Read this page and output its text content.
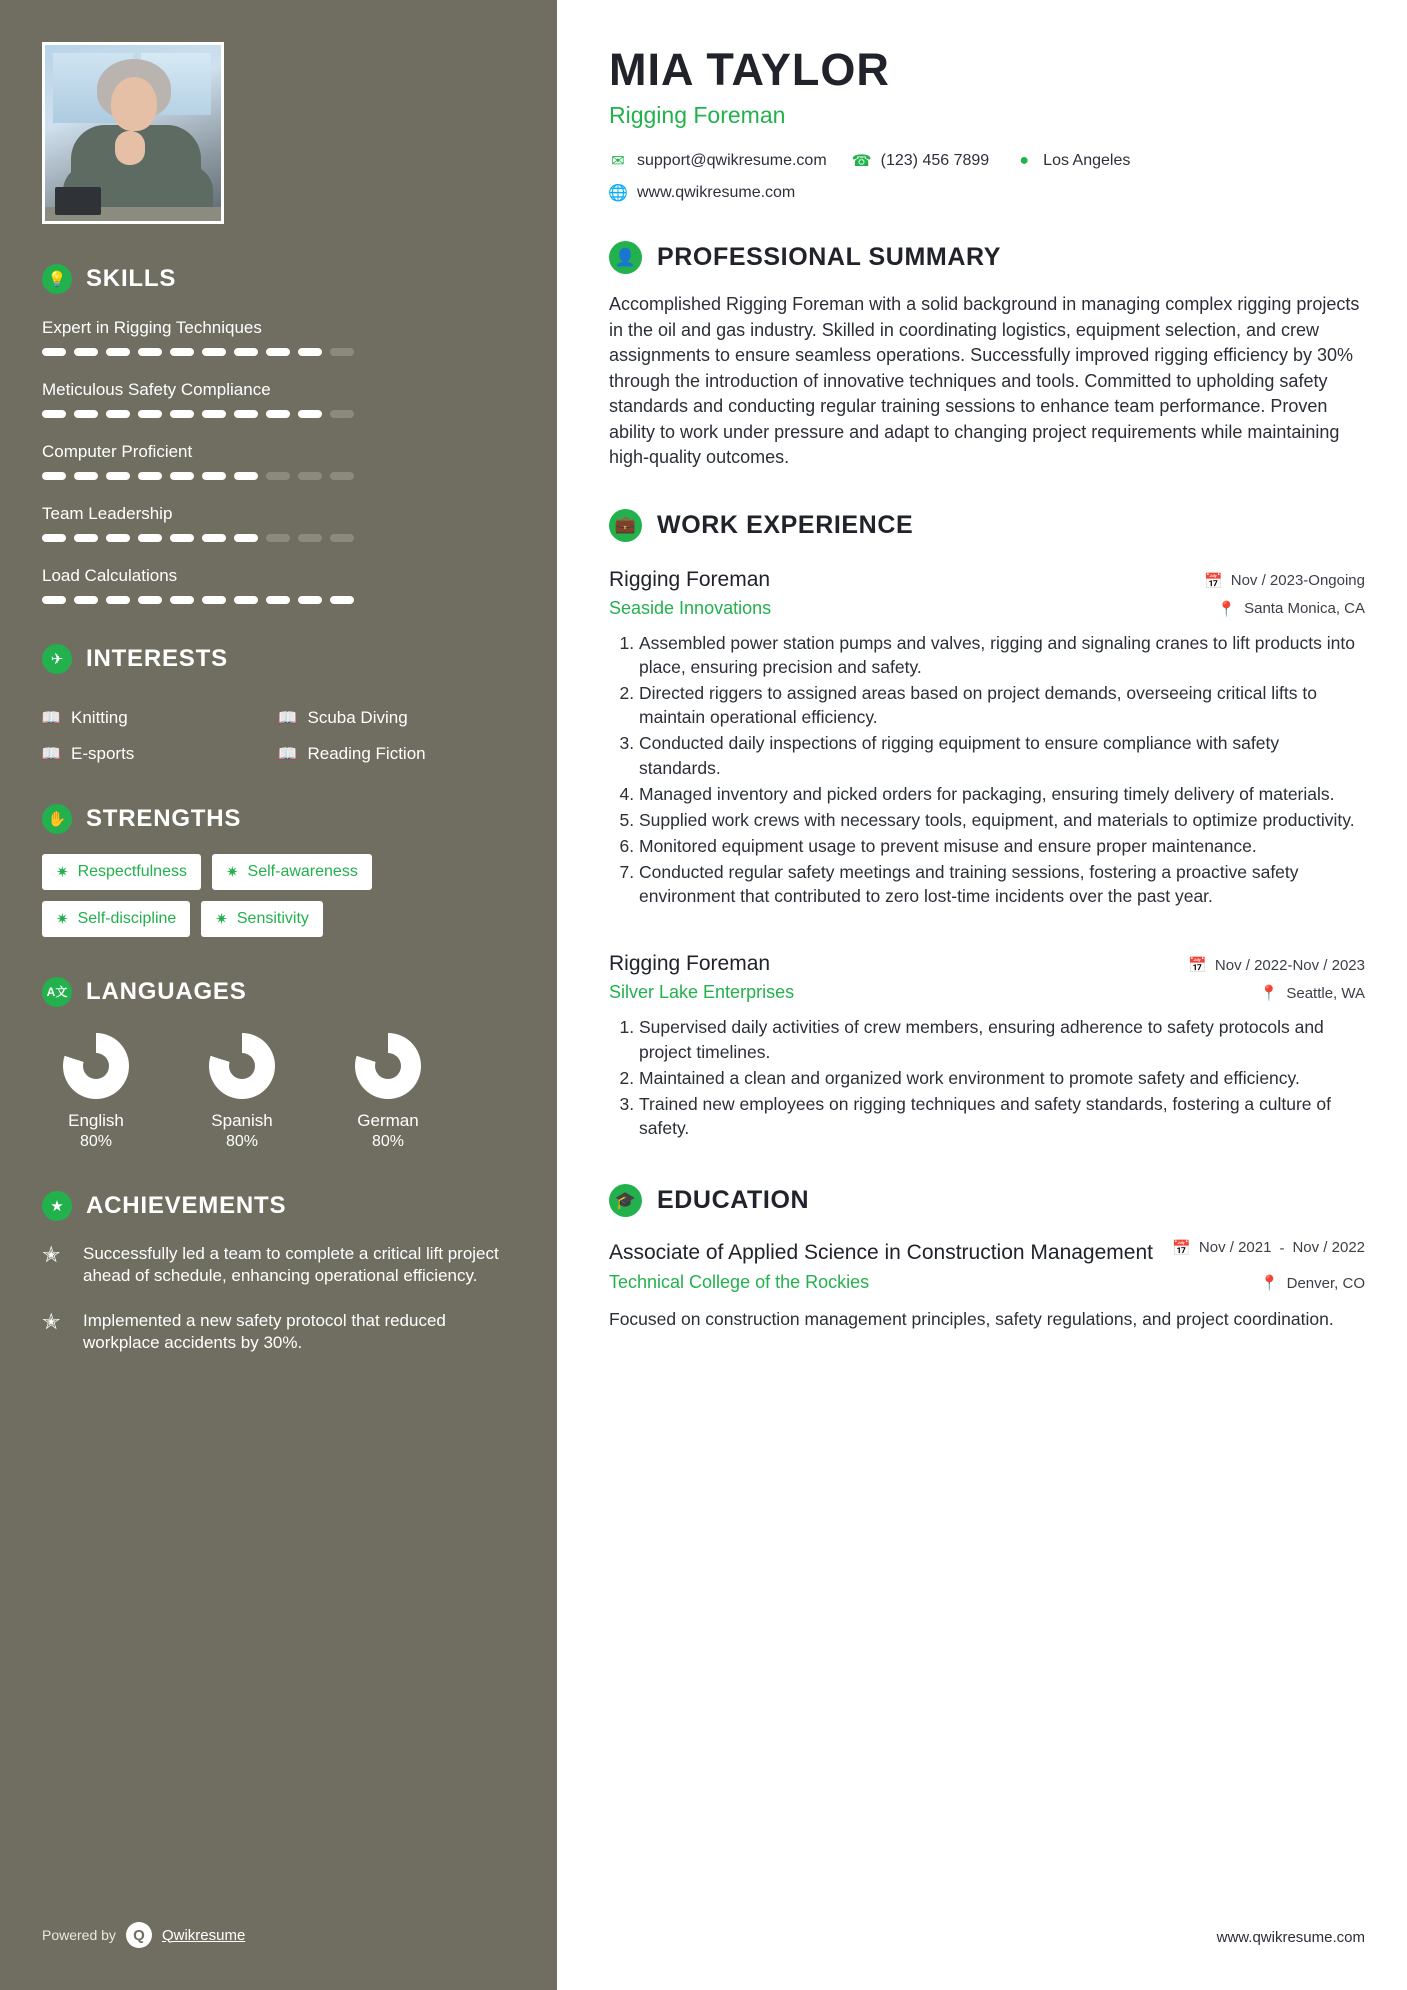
💡 SKILLS
Expert in Rigging Techniques
Meticulous Safety Compliance
Computer Proficient
Team Leadership
Load Calculations
✈ INTERESTS
📖 Knitting	📖 Scuba Diving
📖 E-sports	📖 Reading Fiction
✋ STRENGTHS
✷ Respectfulness	✷ Self-awareness
✷ Self-discipline	✷ Sensitivity
A文 LANGUAGES
English
80%
Spanish
80%
German
80%
★ ACHIEVEMENTS
✭	Successfully led a team to complete a critical lift project ahead of schedule, enhancing operational efficiency.
✭	Implemented a new safety protocol that reduced workplace accidents by 30%.
Powered by	Q	Qwikresume
MIA TAYLOR
Rigging Foreman
✉ support@qwikresume.com ☎ (123) 456 7899 ● Los Angeles
🌐 www.qwikresume.com
👤 PROFESSIONAL SUMMARY

Accomplished Rigging Foreman with a solid background in managing complex rigging projects in the oil and gas industry. Skilled in coordinating logistics, equipment selection, and crew assignments to ensure seamless operations. Successfully improved rigging efficiency by 30% through the introduction of innovative techniques and tools. Committed to upholding safety standards and conducting regular training sessions to enhance team performance. Proven ability to work under pressure and adapt to changing project requirements while maintaining high-quality outcomes.

💼 WORK EXPERIENCE
Rigging Foreman	📅 Nov / 2023-Ongoing
Seaside Innovations	📍 Santa Monica, CA
1. Assembled power station pumps and valves, rigging and signaling cranes to lift products into place, ensuring precision and safety.
2. Directed riggers to assigned areas based on project demands, overseeing critical lifts to maintain operational efficiency.
3. Conducted daily inspections of rigging equipment to ensure compliance with safety standards.
4. Managed inventory and picked orders for packaging, ensuring timely delivery of materials.
5. Supplied work crews with necessary tools, equipment, and materials to optimize productivity.
6. Monitored equipment usage to prevent misuse and ensure proper maintenance.
7. Conducted regular safety meetings and training sessions, fostering a proactive safety environment that contributed to zero lost-time incidents over the past year.
Rigging Foreman	📅 Nov / 2022-Nov / 2023
Silver Lake Enterprises	📍 Seattle, WA
1. Supervised daily activities of crew members, ensuring adherence to safety protocols and project timelines.
2. Maintained a clean and organized work environment to promote safety and efficiency.
3. Trained new employees on rigging techniques and safety standards, fostering a culture of safety.
🎓 EDUCATION
Associate of Applied Science in Construction Management 📅 Nov / 2021 - Nov / 2022
Technical College of the Rockies	📍 Denver, CO

Focused on construction management principles, safety regulations, and project coordination.

www.qwikresume.com
